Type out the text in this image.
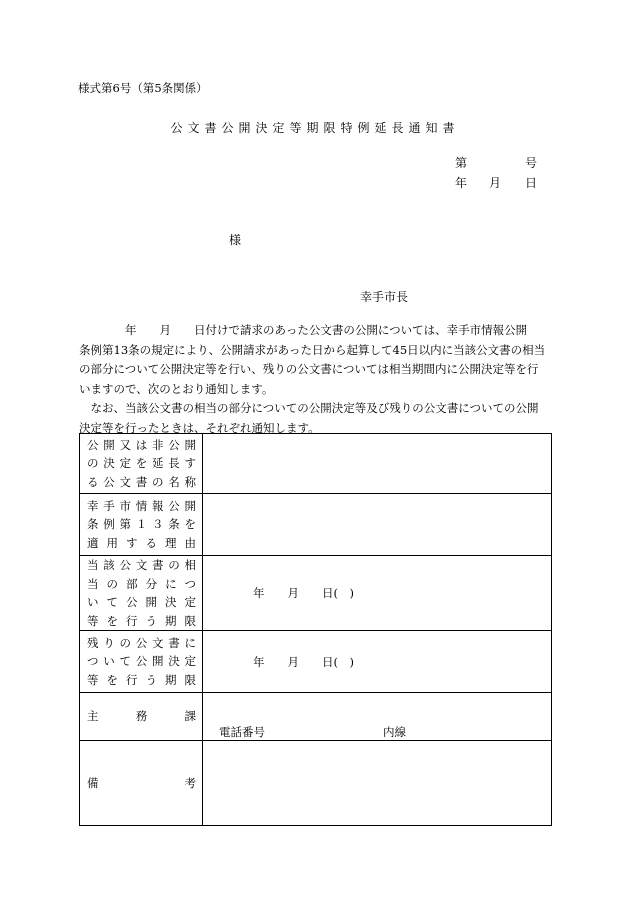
様式第6号（第5条関係）
公文書公開決定等期限特例延長通知書
第	号
年 月 日
様
幸手市長

　　　　年　　月　　日付けで請求のあった公文書の公開については、幸手市情報公開
条例第13条の規定により、公開請求があった日から起算して45日以内に当該公文書の相当
の部分について公開決定等を行い、残りの公文書については相当期間内に公開決定等を行
いますので、次のとおり通知します。

　なお、当該公文書の相当の部分についての公開決定等及び残りの公文書についての公開
決定等を行ったときは、それぞれ通知します。

公開又は非公開
の決定を延長す
る公文書の名称	

幸手市情報公開
条例第１３条を
適用する理由	

当該公文書の相
当の部分につ
いて公開決定
等を行う期限	年　　月　　日(　)

残りの公文書に
ついて公開決定
等を行う期限	年　　月　　日(　)

主務課	電話番号 内線

備考	
